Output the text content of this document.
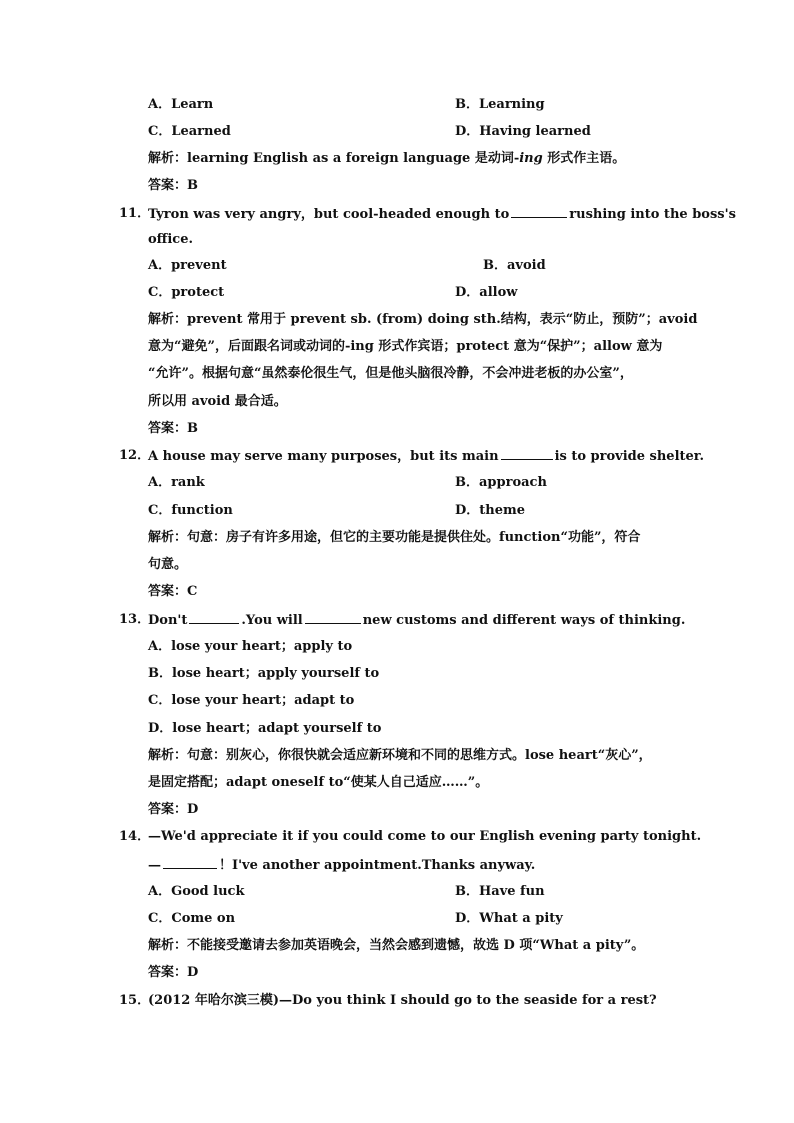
A．Learn	B．Learning
C．Learned	D．Having learned
解析：learning English as a foreign language 是动词-ing 形式作主语。
答案：B
11．
Tyron was very angry，but cool-headed enough to	rushing into the boss's
office.
A．prevent	B．avoid
C．protect	D．allow
解析：prevent 常用于 prevent sb. (from) doing sth.结构，表示“防止，预防”；avoid
意为“避免”，后面跟名词或动词的-ing 形式作宾语；protect 意为“保护”；allow 意为
“允许”。根据句意“虽然泰伦很生气，但是他头脑很冷静，不会冲进老板的办公室”，
所以用 avoid 最合适。
答案：B
12．
A house may serve many purposes，but its main	is to provide shelter.
A．rank	B．approach
C．function	D．theme
解析：句意：房子有许多用途，但它的主要功能是提供住处。function“功能”，符合
句意。
答案：C
13．
Don't	.You will	new customs and different ways of thinking.
A．lose your heart；apply to
B．lose heart；apply yourself to
C．lose your heart；adapt to
D．lose heart；adapt yourself to
解析：句意：别灰心，你很快就会适应新环境和不同的思维方式。lose heart“灰心”，
是固定搭配；adapt oneself to“使某人自己适应……”。
答案：D
14．
—We'd appreciate it if you could come to our English evening party tonight.
—	！I've another appointment.Thanks anyway.
A．Good luck	B．Have fun
C．Come on	D．What a pity
解析：不能接受邀请去参加英语晚会，当然会感到遗憾，故选 D 项“What a pity”。
答案：D
15．
(2012 年哈尔滨三模)—Do you think I should go to the seaside for a rest?
